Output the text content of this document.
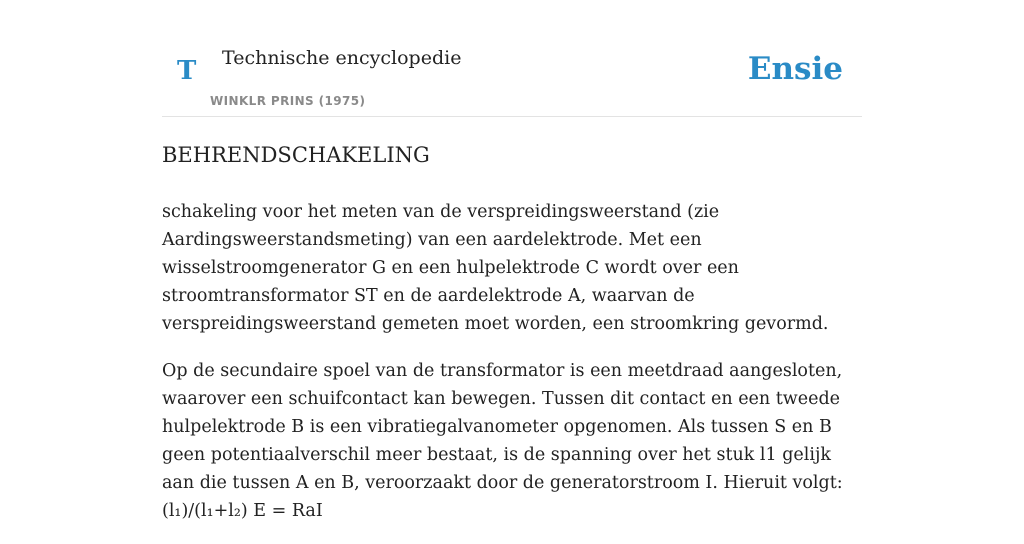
T Technische encyclopedie
WINKLR PRINS (1975)
Ensie
BEHRENDSCHAKELING

schakeling voor het meten van de verspreidingsweerstand (zie Aardingsweerstandsmeting) van een aardelektrode. Met een wisselstroomgenerator G en een hulpelektrode C wordt over een stroomtransformator ST en de aardelektrode A, waarvan de verspreidingsweerstand gemeten moet worden, een stroomkring gevormd.

Op de secundaire spoel van de transformator is een meetdraad aangesloten, waarover een schuifcontact kan bewegen. Tussen dit contact en een tweede hulpelektrode B is een vibratiegalvanometer opgenomen. Als tussen S en B geen potentiaalverschil meer bestaat, is de spanning over het stuk l1 gelijk aan die tussen A en B, veroorzaakt door de generatorstroom I. Hieruit volgt:(l₁)/(l₁+l₂) E = RaI
